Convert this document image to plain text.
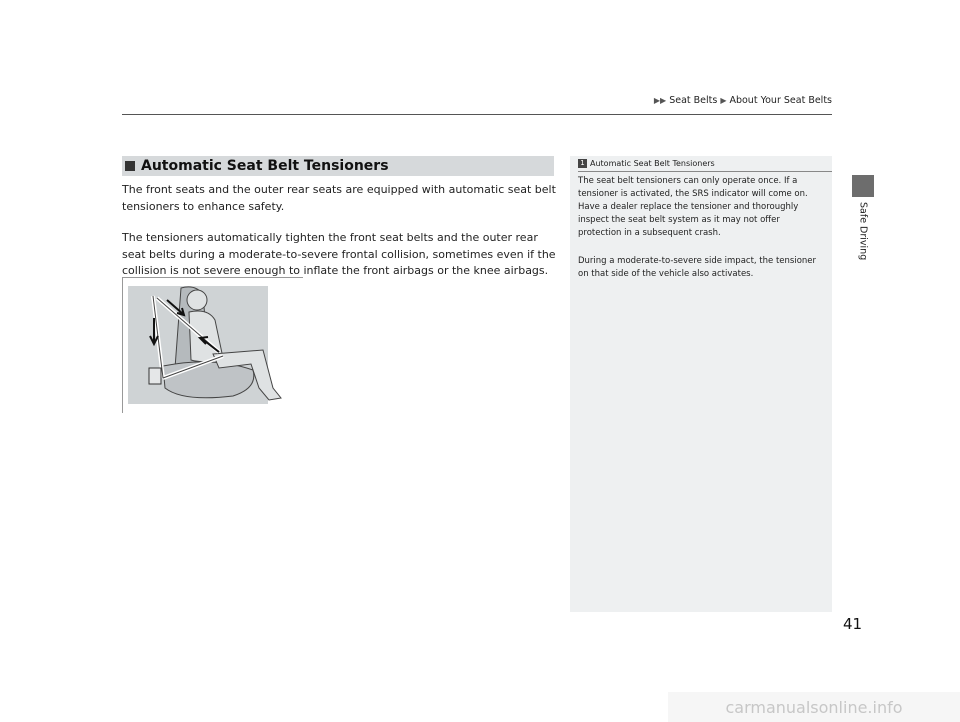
▶▶ Seat Belts ▶ About Your Seat Belts
Safe Driving
Automatic Seat Belt Tensioners
The front seats and the outer rear seats are equipped with automatic seat belt tensioners to enhance safety.
The tensioners automatically tighten the front seat belts and the outer rear seat belts during a moderate-to-severe frontal collision, sometimes even if the collision is not severe enough to inflate the front airbags or the knee airbags.
1 Automatic Seat Belt Tensioners
The seat belt tensioners can only operate once. If a tensioner is activated, the SRS indicator will come on. Have a dealer replace the tensioner and thoroughly inspect the seat belt system as it may not offer protection in a subsequent crash.
During a moderate-to-severe side impact, the tensioner on that side of the vehicle also activates.
41
carmanualsonline.info
